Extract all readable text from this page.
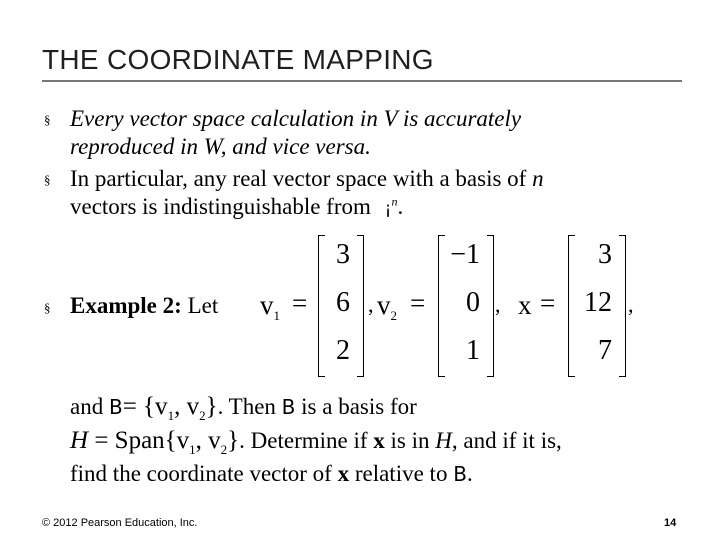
THE COORDINATE MAPPING
§ Every vector space calculation in V is accurately
reproduced in W, and vice versa.
§ In particular, any real vector space with a basis of n
vectors is indistinguishable from ¡$^n$.
§ Example 2: Let $v_1$ =
3
6
2
, $v_2$ =
−1
0
1
, x =
3
12
7
,
and $B= \{v_1$, $v_2$}. Then B is a basis for
$H = Span\{v_1$, $v_2$}. Determine if x is in H, and if it is,
find the coordinate vector of x relative to B.
© 2012 Pearson Education, Inc.	14
